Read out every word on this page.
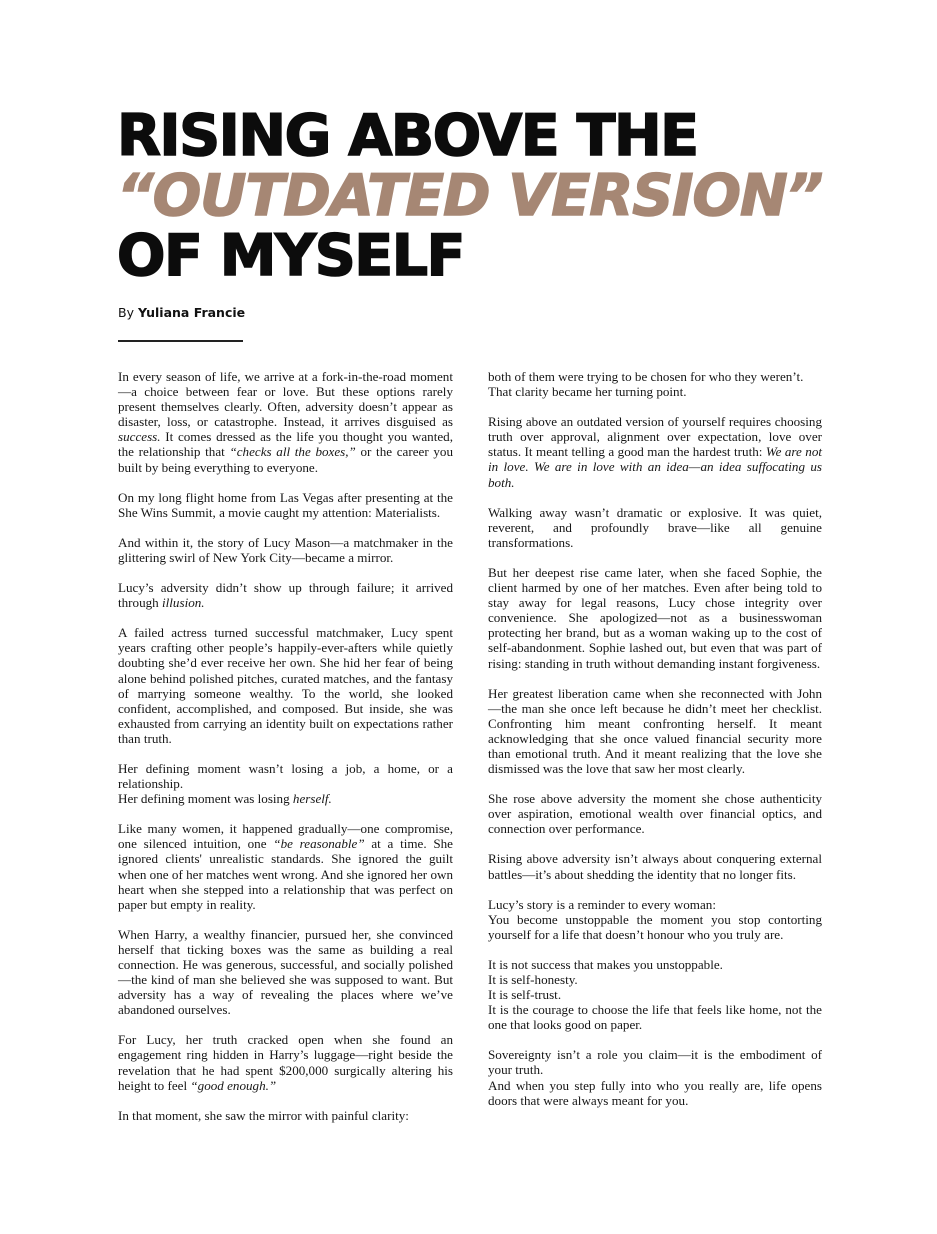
RISING ABOVE THE
“OUTDATED VERSION”
OF MYSELF
By Yuliana Francie

In every season of life, we arrive at a fork-in-the-road moment—a choice between fear or love. But these options rarely present themselves clearly. Often, adversity doesn’t appear as disaster, loss, or catastrophe. Instead, it arrives disguised as success. It comes dressed as the life you thought you wanted, the relationship that “checks all the boxes,” or the career you built by being everything to everyone.

On my long flight home from Las Vegas after presenting at the She Wins Summit, a movie caught my attention: Materialists.

And within it, the story of Lucy Mason—a matchmaker in the glittering swirl of New York City—became a mirror.

Lucy’s adversity didn’t show up through failure; it arrived through illusion.

A failed actress turned successful matchmaker, Lucy spent years crafting other people’s happily-ever-afters while quietly doubting she’d ever receive her own. She hid her fear of being alone behind polished pitches, curated matches, and the fantasy of marrying someone wealthy. To the world, she looked confident, accomplished, and composed. But inside, she was exhausted from carrying an identity built on expectations rather than truth.

Her defining moment wasn’t losing a job, a home, or a relationship.
Her defining moment was losing herself.

Like many women, it happened gradually—one compromise, one silenced intuition, one “be reasonable” at a time. She ignored clients' unrealistic standards. She ignored the guilt when one of her matches went wrong. And she ignored her own heart when she stepped into a relationship that was perfect on paper but empty in reality.

When Harry, a wealthy financier, pursued her, she convinced herself that ticking boxes was the same as building a real connection. He was generous, successful, and socially polished—the kind of man she believed she was supposed to want. But adversity has a way of revealing the places where we’ve abandoned ourselves.

For Lucy, her truth cracked open when she found an engagement ring hidden in Harry’s luggage—right beside the revelation that he had spent $200,000 surgically altering his height to feel “good enough.”

In that moment, she saw the mirror with painful clarity:

both of them were trying to be chosen for who they weren’t.
That clarity became her turning point.

Rising above an outdated version of yourself requires choosing truth over approval, alignment over expectation, love over status. It meant telling a good man the hardest truth: We are not in love. We are in love with an idea—an idea suffocating us both.

Walking away wasn’t dramatic or explosive. It was quiet, reverent, and profoundly brave—like all genuine transformations.

But her deepest rise came later, when she faced Sophie, the client harmed by one of her matches. Even after being told to stay away for legal reasons, Lucy chose integrity over convenience. She apologized—not as a businesswoman protecting her brand, but as a woman waking up to the cost of self-abandonment. Sophie lashed out, but even that was part of rising: standing in truth without demanding instant forgiveness.

Her greatest liberation came when she reconnected with John—the man she once left because he didn’t meet her checklist. Confronting him meant confronting herself. It meant acknowledging that she once valued financial security more than emotional truth. And it meant realizing that the love she dismissed was the love that saw her most clearly.

She rose above adversity the moment she chose authenticity over aspiration, emotional wealth over financial optics, and connection over performance.

Rising above adversity isn’t always about conquering external battles—it’s about shedding the identity that no longer fits.

Lucy’s story is a reminder to every woman:
You become unstoppable the moment you stop contorting yourself for a life that doesn’t honour who you truly are.

It is not success that makes you unstoppable.
It is self-honesty.
It is self-trust.
It is the courage to choose the life that feels like home, not the one that looks good on paper.

Sovereignty isn’t a role you claim—it is the embodiment of your truth.
And when you step fully into who you really are, life opens doors that were always meant for you.
